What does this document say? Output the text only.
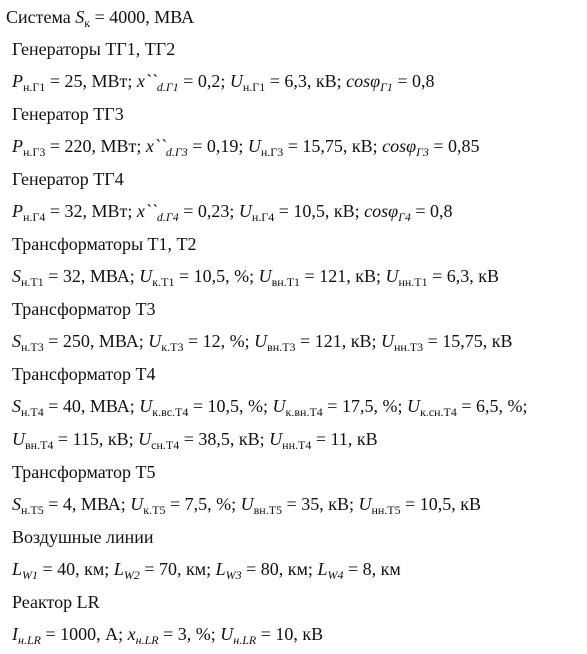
Система $S_к = 4000$, МВА
Генераторы ТГ1, ТГ2
$P_{н.Г1} = 25$, МВт; $x``_{d.Г1} = 0,2$; $U_{н.Г1} = 6,3$, кВ; cosφ$_{Г1}$ = 0,8
Генератор ТГ3
$P_{н.Г3} = 220$, МВт; $x``_{d.Г3} = 0,19$; $U_{н.Г3} = 15,75$, кВ; cosφ$_{Г3}$ = 0,85
Генератор ТГ4
$P_{н.Г4} = 32$, МВт; $x``_{d.Г4} = 0,23$; $U_{н.Г4} = 10,5$, кВ; cosφ$_{Г4}$ = 0,8
Трансформаторы Т1, Т2
$S_{н.Т1} = 32$, МВА; $U_{к.Т1} = 10,5$, %; $U_{вн.Т1} = 121$, кВ; $U_{нн.Т1} = 6,3$, кВ
Трансформатор Т3
$S_{н.Т3} = 250$, МВА; $U_{к.Т3} = 12$, %; $U_{вн.Т3} = 121$, кВ; $U_{нн.Т3} = 15,75$, кВ
Трансформатор Т4
$S_{н.Т4} = 40$, МВА; $U_{к.вс.Т4} = 10,5$, %; $U_{к.вн.Т4} = 17,5$, %; $U_{к.сн.Т4} = 6,5$, %;
$U_{вн.Т4} = 115$, кВ; $U_{сн.Т4} = 38,5$, кВ; $U_{нн.Т4} = 11$, кВ
Трансформатор Т5
$S_{н.Т5} = 4$, МВА; $U_{к.Т5} = 7,5$, %; $U_{вн.Т5} = 35$, кВ; $U_{нн.Т5} = 10,5$, кВ
Воздушные линии
$L_{W1} = 40$, км; $L_{W2} = 70$, км; $L_{W3} = 80$, км; $L_{W4} = 8$, км
Реактор LR
$I_{н.LR} = 1000$, А; $x_{н.LR} = 3$, %; $U_{н.LR} = 10$, кВ
